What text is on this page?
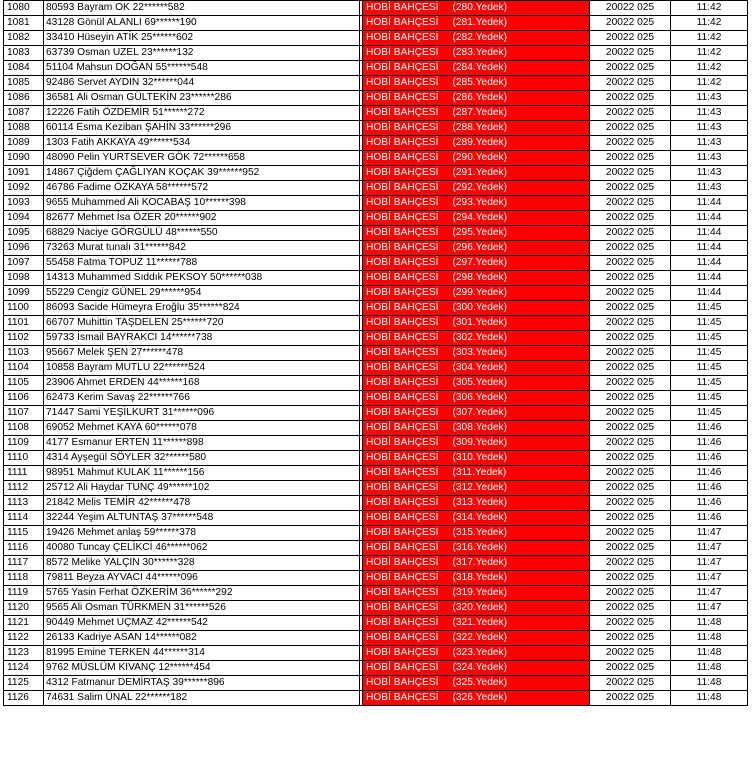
1080	80593 Bayram OK 22******582		HOBİ BAHÇESİ (280.Yedek)	20022 025	11:42
1081	43128 Gönül ALANLI 69******190		HOBİ BAHÇESİ (281.Yedek)	20022 025	11:42
1082	33410 Hüseyin ATİK 25******602		HOBİ BAHÇESİ (282.Yedek)	20022 025	11:42
1083	63739 Osman UZEL 23******132		HOBİ BAHÇESİ (283.Yedek)	20022 025	11:42
1084	51104 Mahsun DOĞAN 55******548		HOBİ BAHÇESİ (284.Yedek)	20022 025	11:42
1085	92486 Servet AYDIN 32******044		HOBİ BAHÇESİ (285.Yedek)	20022 025	11:42
1086	36581 Ali Osman GÜLTEKİN 23******286		HOBİ BAHÇESİ (286.Yedek)	20022 025	11:43
1087	12226 Fatih ÖZDEMİR 51******272		HOBİ BAHÇESİ (287.Yedek)	20022 025	11:43
1088	60114 Esma Keziban ŞAHİN 33******296		HOBİ BAHÇESİ (288.Yedek)	20022 025	11:43
1089	1303 Fatih AKKAYA 49******534		HOBİ BAHÇESİ (289.Yedek)	20022 025	11:43
1090	48090 Pelin YURTSEVER GÖK 72******658		HOBİ BAHÇESİ (290.Yedek)	20022 025	11:43
1091	14867 Çiğdem ÇAĞLIYAN KOÇAK 39******952		HOBİ BAHÇESİ (291.Yedek)	20022 025	11:43
1092	46786 Fadime ÖZKAYA 58******572		HOBİ BAHÇESİ (292.Yedek)	20022 025	11:43
1093	9655 Muhammed Ali KOCABAŞ 10******398		HOBİ BAHÇESİ (293.Yedek)	20022 025	11:44
1094	82677 Mehmet İsa ÖZER 20******902		HOBİ BAHÇESİ (294.Yedek)	20022 025	11:44
1095	68829 Naciye GÖRGÜLÜ 48******550		HOBİ BAHÇESİ (295.Yedek)	20022 025	11:44
1096	73263 Murat tunalı 31******842		HOBİ BAHÇESİ (296.Yedek)	20022 025	11:44
1097	55458 Fatma TOPUZ 11******788		HOBİ BAHÇESİ (297.Yedek)	20022 025	11:44
1098	14313 Muhammed Sıddık PEKSOY 50******038		HOBİ BAHÇESİ (298.Yedek)	20022 025	11:44
1099	55229 Cengiz GÜNEL 29******954		HOBİ BAHÇESİ (299.Yedek)	20022 025	11:44
1100	86093 Sacide Hümeyra Eroğlu 35******824		HOBİ BAHÇESİ (300.Yedek)	20022 025	11:45
1101	66707 Muhittin TAŞDELEN 25******720		HOBİ BAHÇESİ (301.Yedek)	20022 025	11:45
1102	59733 İsmail BAYRAKCI 14******738		HOBİ BAHÇESİ (302.Yedek)	20022 025	11:45
1103	95667 Melek ŞEN 27******478		HOBİ BAHÇESİ (303.Yedek)	20022 025	11:45
1104	10858 Bayram MUTLU 22******524		HOBİ BAHÇESİ (304.Yedek)	20022 025	11:45
1105	23906 Ahmet ERDEN 44******168		HOBİ BAHÇESİ (305.Yedek)	20022 025	11:45
1106	62473 Kerim Savaş 22******766		HOBİ BAHÇESİ (306.Yedek)	20022 025	11:45
1107	71447 Sami YEŞİLKURT 31******096		HOBİ BAHÇESİ (307.Yedek)	20022 025	11:45
1108	69052 Mehmet KAYA 60******078		HOBİ BAHÇESİ (308.Yedek)	20022 025	11:46
1109	4177 Esmanur ERTEN 11******898		HOBİ BAHÇESİ (309.Yedek)	20022 025	11:46
1110	4314 Ayşegül SÖYLER 32******580		HOBİ BAHÇESİ (310.Yedek)	20022 025	11:46
1111	98951 Mahmut KULAK 11******156		HOBİ BAHÇESİ (311.Yedek)	20022 025	11:46
1112	25712 Ali Haydar TUNÇ 49******102		HOBİ BAHÇESİ (312.Yedek)	20022 025	11:46
1113	21842 Melis TEMİR 42******478		HOBİ BAHÇESİ (313.Yedek)	20022 025	11:46
1114	32244 Yeşim ALTUNTAŞ 37******548		HOBİ BAHÇESİ (314.Yedek)	20022 025	11:46
1115	19426 Mehmet anlaş 59******378		HOBİ BAHÇESİ (315.Yedek)	20022 025	11:47
1116	40080 Tuncay ÇELİKCİ 46******062		HOBİ BAHÇESİ (316.Yedek)	20022 025	11:47
1117	8572 Melike YALÇIN 30******328		HOBİ BAHÇESİ (317.Yedek)	20022 025	11:47
1118	79811 Beyza AYVACI 44******096		HOBİ BAHÇESİ (318.Yedek)	20022 025	11:47
1119	5765 Yasin Ferhat ÖZKERİM 36******292		HOBİ BAHÇESİ (319.Yedek)	20022 025	11:47
1120	9565 Ali Osman TÜRKMEN 31******526		HOBİ BAHÇESİ (320.Yedek)	20022 025	11:47
1121	90449 Mehmet UÇMAZ 42******542		HOBİ BAHÇESİ (321.Yedek)	20022 025	11:48
1122	26133 Kadriye ASAN 14******082		HOBİ BAHÇESİ (322.Yedek)	20022 025	11:48
1123	81995 Emine TERKEN 44******314		HOBİ BAHÇESİ (323.Yedek)	20022 025	11:48
1124	9762 MÜSLÜM KIVANÇ 12******454		HOBİ BAHÇESİ (324.Yedek)	20022 025	11:48
1125	4312 Fatmanur DEMİRTAŞ 39******896		HOBİ BAHÇESİ (325.Yedek)	20022 025	11:48
1126	74631 Salim ÜNAL 22******182		HOBİ BAHÇESİ (326.Yedek)	20022 025	11:48
